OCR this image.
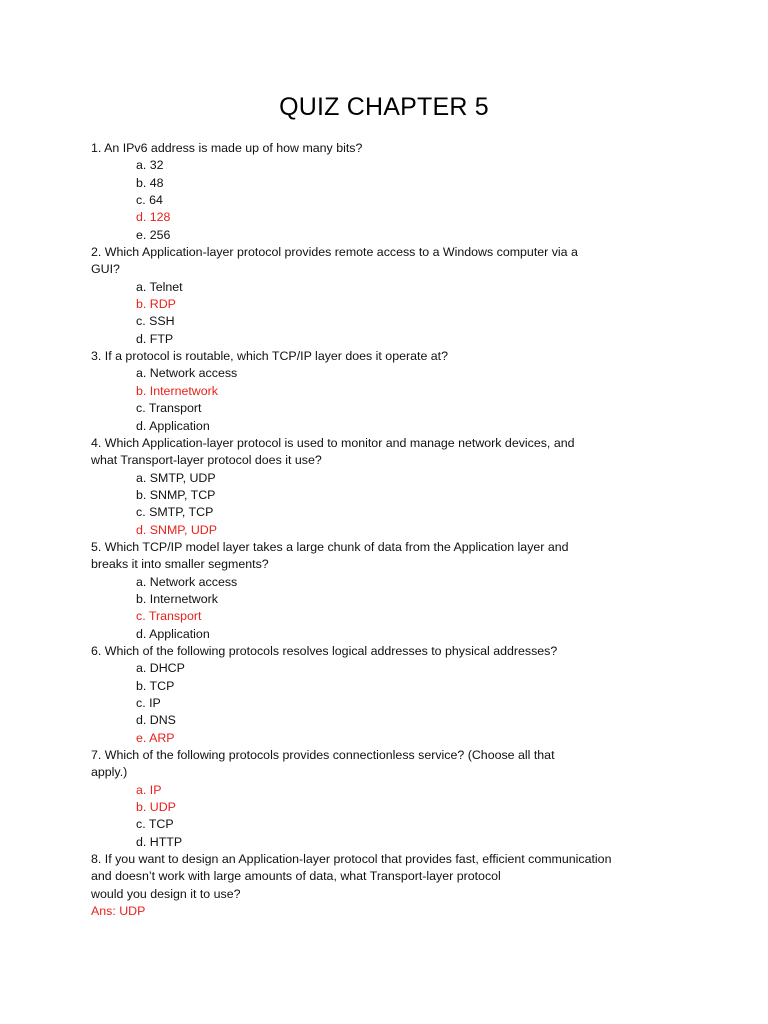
QUIZ CHAPTER 5

1. An IPv6 address is made up of how many bits?

a. 32

b. 48

c. 64

d. 128

e. 256

2. Which Application-layer protocol provides remote access to a Windows computer via a
GUI?

a. Telnet

b. RDP

c. SSH

d. FTP

3. If a protocol is routable, which TCP/IP layer does it operate at?

a. Network access

b. Internetwork

c. Transport

d. Application

4. Which Application-layer protocol is used to monitor and manage network devices, and
what Transport-layer protocol does it use?

a. SMTP, UDP

b. SNMP, TCP

c. SMTP, TCP

d. SNMP, UDP

5. Which TCP/IP model layer takes a large chunk of data from the Application layer and
breaks it into smaller segments?

a. Network access

b. Internetwork

c. Transport

d. Application

6. Which of the following protocols resolves logical addresses to physical addresses?

a. DHCP

b. TCP

c. IP

d. DNS

e. ARP

7. Which of the following protocols provides connectionless service? (Choose all that
apply.)

a. IP

b. UDP

c. TCP

d. HTTP

8. If you want to design an Application-layer protocol that provides fast, efficient communication
and doesn’t work with large amounts of data, what Transport-layer protocol
would you design it to use?

Ans: UDP
